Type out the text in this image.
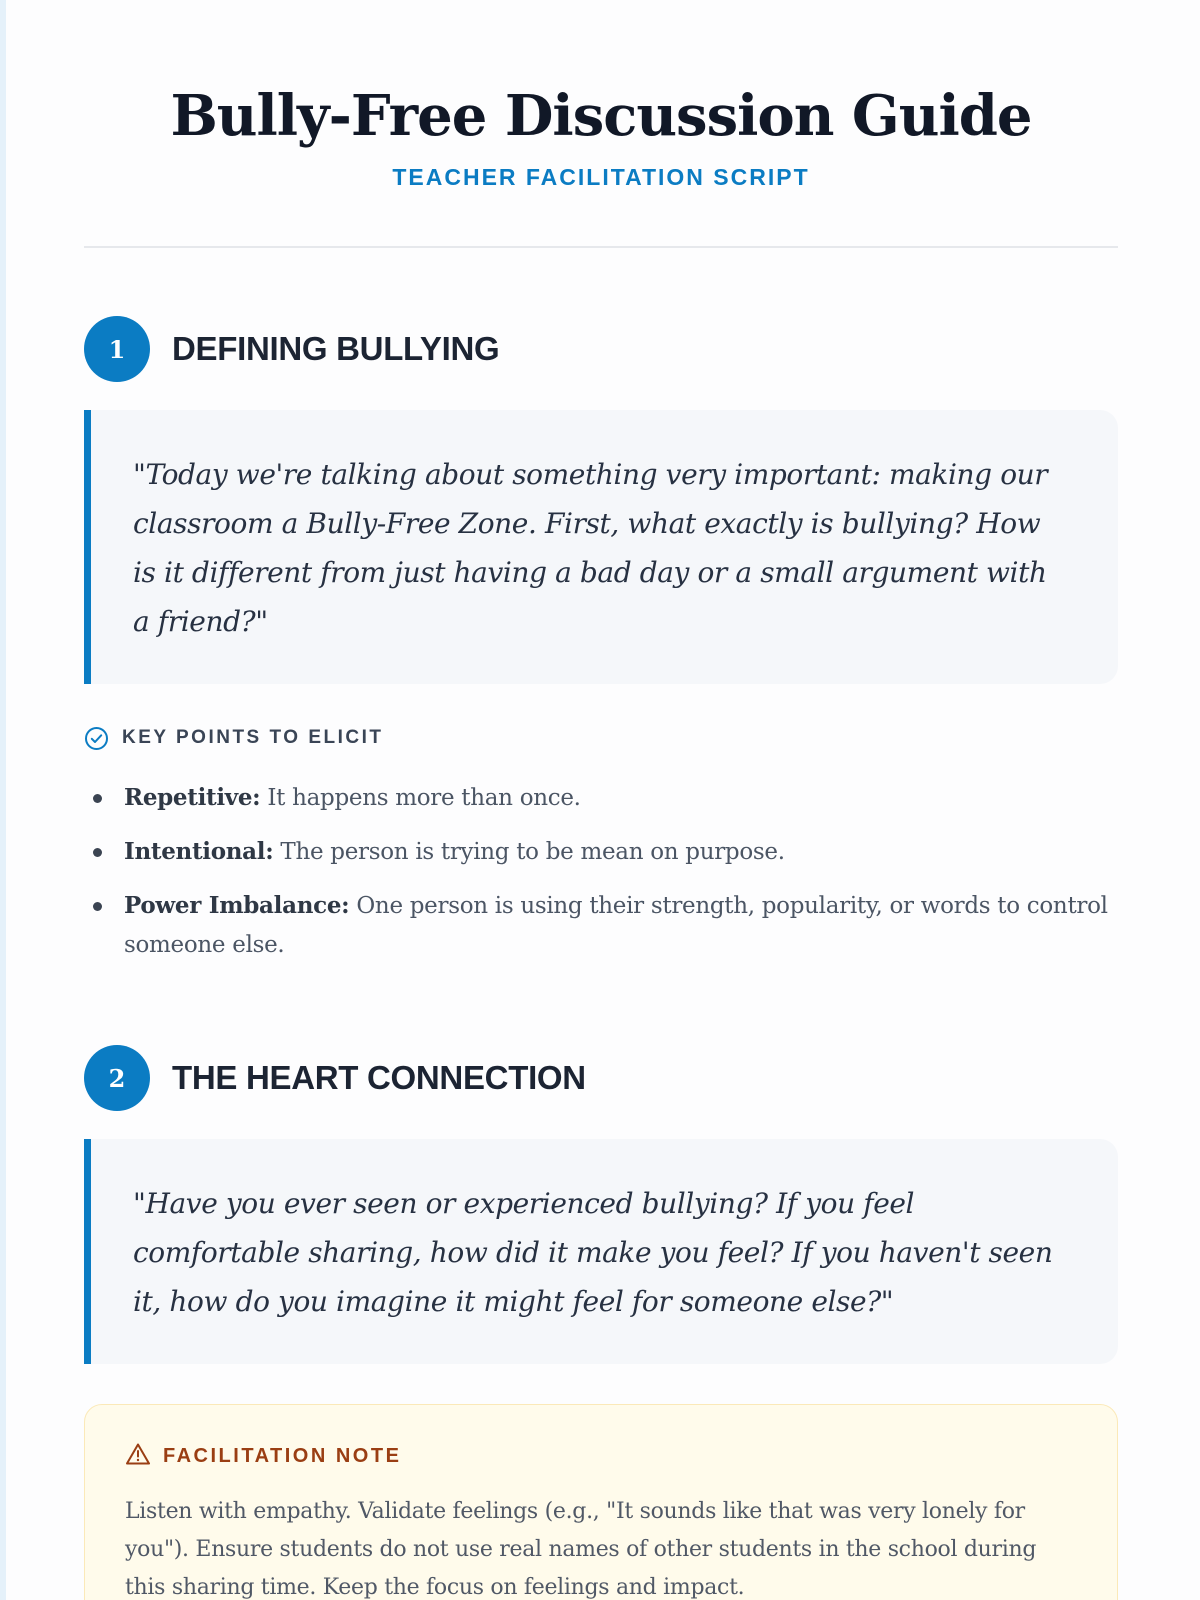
Bully-Free Discussion Guide
TEACHER FACILITATION SCRIPT
1	DEFINING BULLYING
"Today we're talking about something very important: making our classroom a Bully-Free Zone. First, what exactly is bullying? How is it different from just having a bad day or a small argument with a friend?"
KEY POINTS TO ELICIT
Repetitive: It happens more than once.
Intentional: The person is trying to be mean on purpose.
Power Imbalance: One person is using their strength, popularity, or words to control someone else.
2	THE HEART CONNECTION
"Have you ever seen or experienced bullying? If you feel comfortable sharing, how did it make you feel? If you haven't seen it, how do you imagine it might feel for someone else?"
FACILITATION NOTE
Listen with empathy. Validate feelings (e.g., "It sounds like that was very lonely for you"). Ensure students do not use real names of other students in the school during this sharing time. Keep the focus on feelings and impact.
